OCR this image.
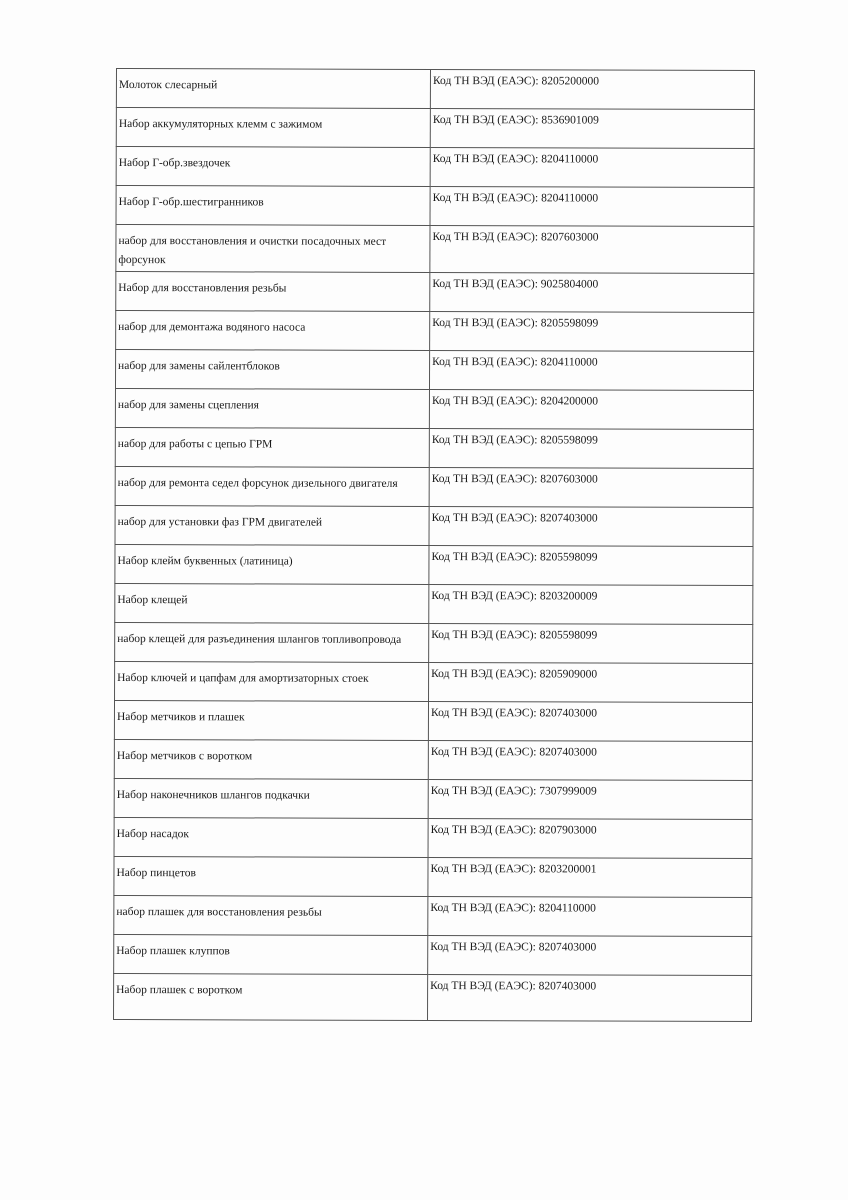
Молоток слесарный	Код ТН ВЭД (ЕАЭС): 8205200000
Набор аккумуляторных клемм с зажимом	Код ТН ВЭД (ЕАЭС): 8536901009
Набор Г-обр.звездочек	Код ТН ВЭД (ЕАЭС): 8204110000
Набор Г-обр.шестигранников	Код ТН ВЭД (ЕАЭС): 8204110000
набор для восстановления и очистки посадочных мест форсунок	Код ТН ВЭД (ЕАЭС): 8207603000
Набор для восстановления резьбы	Код ТН ВЭД (ЕАЭС): 9025804000
набор для демонтажа водяного насоса	Код ТН ВЭД (ЕАЭС): 8205598099
набор для замены сайлентблоков	Код ТН ВЭД (ЕАЭС): 8204110000
набор для замены сцепления	Код ТН ВЭД (ЕАЭС): 8204200000
набор для работы с цепью ГРМ	Код ТН ВЭД (ЕАЭС): 8205598099
набор для ремонта седел форсунок дизельного двигателя	Код ТН ВЭД (ЕАЭС): 8207603000
набор для установки фаз ГРМ двигателей	Код ТН ВЭД (ЕАЭС): 8207403000
Набор клейм буквенных (латиница)	Код ТН ВЭД (ЕАЭС): 8205598099
Набор клещей	Код ТН ВЭД (ЕАЭС): 8203200009
набор клещей для разъединения шлангов топливопровода	Код ТН ВЭД (ЕАЭС): 8205598099
Набор ключей и цапфам для амортизаторных стоек	Код ТН ВЭД (ЕАЭС): 8205909000
Набор метчиков и плашек	Код ТН ВЭД (ЕАЭС): 8207403000
Набор метчиков с воротком	Код ТН ВЭД (ЕАЭС): 8207403000
Набор наконечников шлангов подкачки	Код ТН ВЭД (ЕАЭС): 7307999009
Набор насадок	Код ТН ВЭД (ЕАЭС): 8207903000
Набор пинцетов	Код ТН ВЭД (ЕАЭС): 8203200001
набор плашек для восстановления резьбы	Код ТН ВЭД (ЕАЭС): 8204110000
Набор плашек клуппов	Код ТН ВЭД (ЕАЭС): 8207403000
Набор плашек с воротком	Код ТН ВЭД (ЕАЭС): 8207403000
